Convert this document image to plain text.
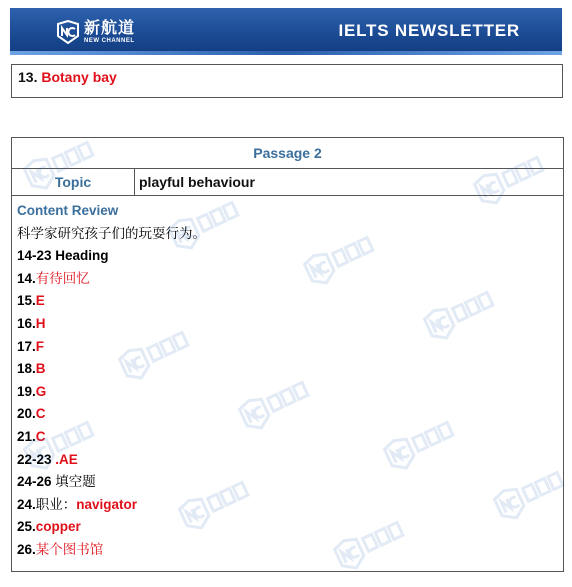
新航道
NEW CHANNEL
IELTS NEWSLETTER
13. Botany bay
Passage 2
Topic	playful behaviour
Content Review
科学家研究孩子们的玩耍行为。
14-23 Heading
14.有待回忆
15.E
16.H
17.F
18.B
19.G
20.C
21.C
22-23 .AE
24-26 填空题
24.职业：navigator
25.copper
26.某个图书馆
